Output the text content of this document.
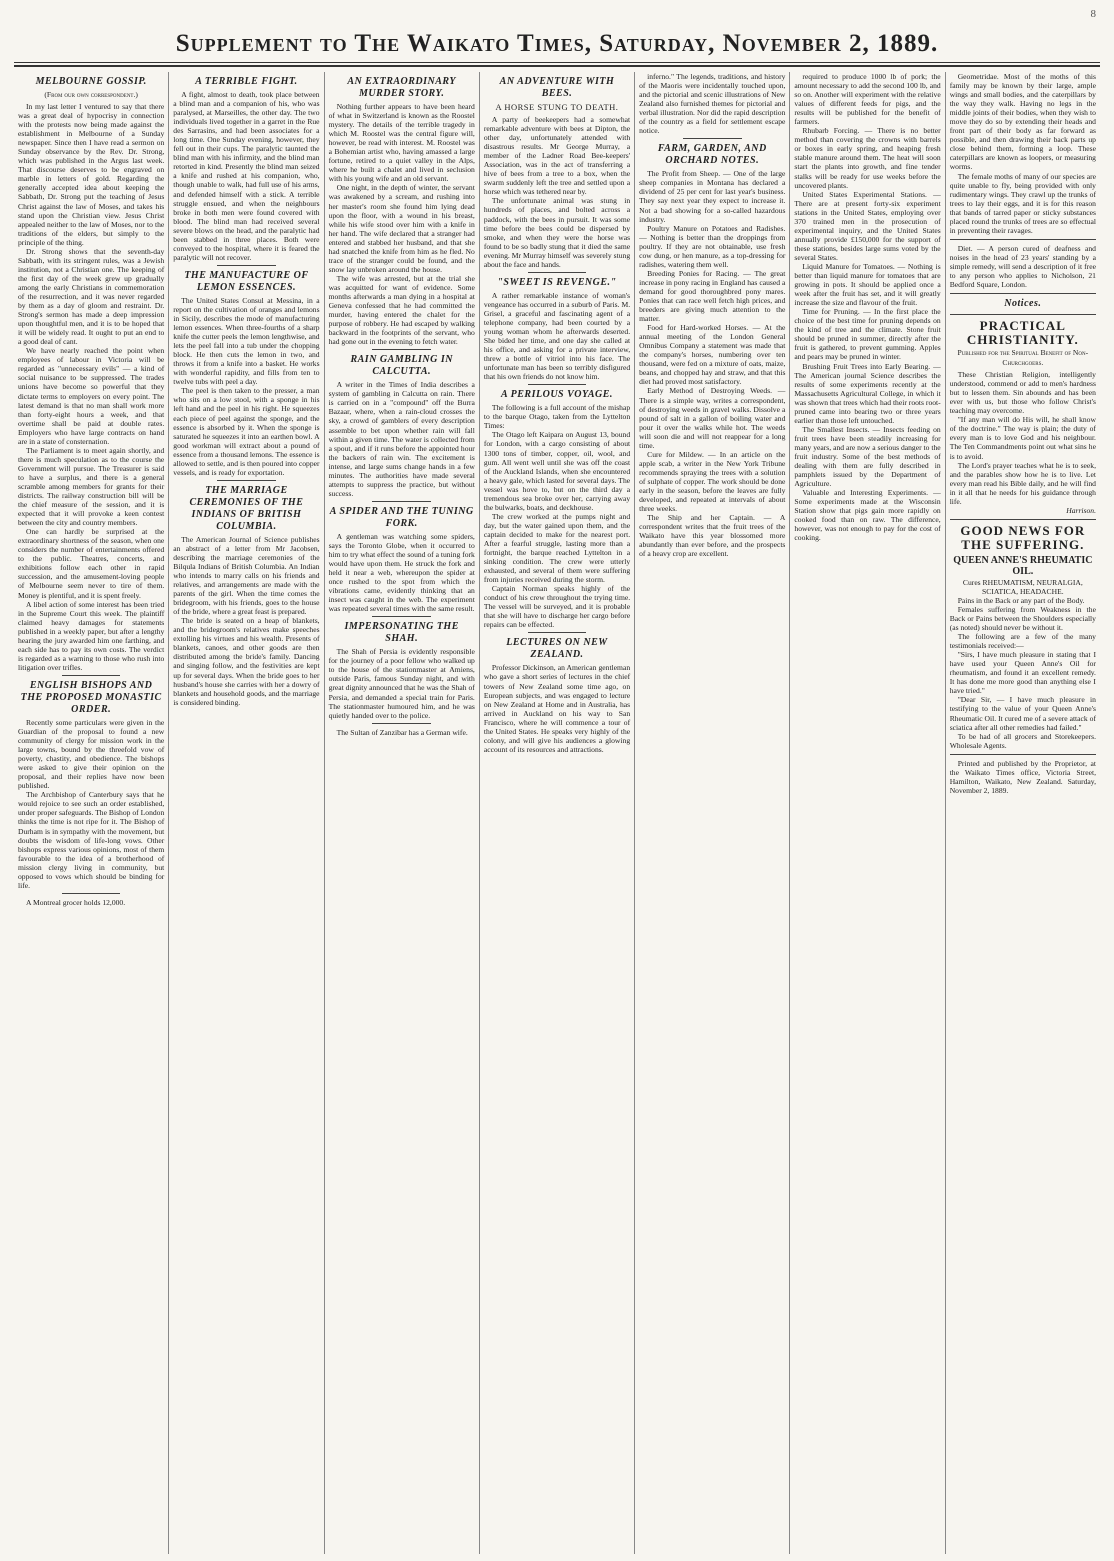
8
Supplement to The Waikato Times, Saturday, November 2, 1889.
MELBOURNE GOSSIP.
(From our own correspondent.)

In my last letter I ventured to say that there was a great deal of hypocrisy in connection with the protests now being made against the establishment in Melbourne of a Sunday newspaper. Since then I have read a sermon on Sunday observance by the Rev. Dr. Strong, which was published in the Argus last week. That discourse deserves to be engraved on marble in letters of gold. Regarding the generally accepted idea about keeping the Sabbath, Dr. Strong put the teaching of Jesus Christ against the law of Moses, and takes his stand upon the Christian view. Jesus Christ appealed neither to the law of Moses, nor to the traditions of the elders, but simply to the principle of the thing.

Dr. Strong shows that the seventh-day Sabbath, with its stringent rules, was a Jewish institution, not a Christian one. The keeping of the first day of the week grew up gradually among the early Christians in commemoration of the resurrection, and it was never regarded by them as a day of gloom and restraint. Dr. Strong's sermon has made a deep impression upon thoughtful men, and it is to be hoped that it will be widely read. It ought to put an end to a good deal of cant.

We have nearly reached the point when employees of labour in Victoria will be regarded as "unnecessary evils" — a kind of social nuisance to be suppressed. The trades unions have become so powerful that they dictate terms to employers on every point. The latest demand is that no man shall work more than forty-eight hours a week, and that overtime shall be paid at double rates. Employers who have large contracts on hand are in a state of consternation.

The Parliament is to meet again shortly, and there is much speculation as to the course the Government will pursue. The Treasurer is said to have a surplus, and there is a general scramble among members for grants for their districts. The railway construction bill will be the chief measure of the session, and it is expected that it will provoke a keen contest between the city and country members.

One can hardly be surprised at the extraordinary shortness of the season, when one considers the number of entertainments offered to the public. Theatres, concerts, and exhibitions follow each other in rapid succession, and the amusement-loving people of Melbourne seem never to tire of them. Money is plentiful, and it is spent freely.

A libel action of some interest has been tried in the Supreme Court this week. The plaintiff claimed heavy damages for statements published in a weekly paper, but after a lengthy hearing the jury awarded him one farthing, and each side has to pay its own costs. The verdict is regarded as a warning to those who rush into litigation over trifles.

ENGLISH BISHOPS AND THE PROPOSED MONASTIC ORDER.

Recently some particulars were given in the Guardian of the proposal to found a new community of clergy for mission work in the large towns, bound by the threefold vow of poverty, chastity, and obedience. The bishops were asked to give their opinion on the proposal, and their replies have now been published.

The Archbishop of Canterbury says that he would rejoice to see such an order established, under proper safeguards. The Bishop of London thinks the time is not ripe for it. The Bishop of Durham is in sympathy with the movement, but doubts the wisdom of life-long vows. Other bishops express various opinions, most of them favourable to the idea of a brotherhood of mission clergy living in community, but opposed to vows which should be binding for life.

A Montreal grocer holds 12,000.

A TERRIBLE FIGHT.

A fight, almost to death, took place between a blind man and a companion of his, who was paralysed, at Marseilles, the other day. The two individuals lived together in a garret in the Rue des Sarrasins, and had been associates for a long time. One Sunday evening, however, they fell out in their cups. The paralytic taunted the blind man with his infirmity, and the blind man retorted in kind. Presently the blind man seized a knife and rushed at his companion, who, though unable to walk, had full use of his arms, and defended himself with a stick. A terrible struggle ensued, and when the neighbours broke in both men were found covered with blood. The blind man had received several severe blows on the head, and the paralytic had been stabbed in three places. Both were conveyed to the hospital, where it is feared the paralytic will not recover.

THE MANUFACTURE OF LEMON ESSENCES.

The United States Consul at Messina, in a report on the cultivation of oranges and lemons in Sicily, describes the mode of manufacturing lemon essences. When three-fourths of a sharp knife the cutter peels the lemon lengthwise, and lets the peel fall into a tub under the chopping block. He then cuts the lemon in two, and throws it from a knife into a basket. He works with wonderful rapidity, and fills from ten to twelve tubs with peel a day.

The peel is then taken to the presser, a man who sits on a low stool, with a sponge in his left hand and the peel in his right. He squeezes each piece of peel against the sponge, and the essence is absorbed by it. When the sponge is saturated he squeezes it into an earthen bowl. A good workman will extract about a pound of essence from a thousand lemons. The essence is allowed to settle, and is then poured into copper vessels, and is ready for exportation.

THE MARRIAGE CEREMONIES OF THE INDIANS OF BRITISH COLUMBIA.

The American Journal of Science publishes an abstract of a letter from Mr Jacobsen, describing the marriage ceremonies of the Bilqula Indians of British Columbia. An Indian who intends to marry calls on his friends and relatives, and arrangements are made with the parents of the girl. When the time comes the bridegroom, with his friends, goes to the house of the bride, where a great feast is prepared.

The bride is seated on a heap of blankets, and the bridegroom's relatives make speeches extolling his virtues and his wealth. Presents of blankets, canoes, and other goods are then distributed among the bride's family. Dancing and singing follow, and the festivities are kept up for several days. When the bride goes to her husband's house she carries with her a dowry of blankets and household goods, and the marriage is considered binding.

AN EXTRAORDINARY MURDER STORY.

Nothing further appears to have been heard of what in Switzerland is known as the Roostel mystery. The details of the terrible tragedy in which M. Roostel was the central figure will, however, be read with interest. M. Roostel was a Bohemian artist who, having amassed a large fortune, retired to a quiet valley in the Alps, where he built a chalet and lived in seclusion with his young wife and an old servant.

One night, in the depth of winter, the servant was awakened by a scream, and rushing into her master's room she found him lying dead upon the floor, with a wound in his breast, while his wife stood over him with a knife in her hand. The wife declared that a stranger had entered and stabbed her husband, and that she had snatched the knife from him as he fled. No trace of the stranger could be found, and the snow lay unbroken around the house.

The wife was arrested, but at the trial she was acquitted for want of evidence. Some months afterwards a man dying in a hospital at Geneva confessed that he had committed the murder, having entered the chalet for the purpose of robbery. He had escaped by walking backward in the footprints of the servant, who had gone out in the evening to fetch water.

RAIN GAMBLING IN CALCUTTA.

A writer in the Times of India describes a system of gambling in Calcutta on rain. There is carried on in a "compound" off the Burra Bazaar, where, when a rain-cloud crosses the sky, a crowd of gamblers of every description assemble to bet upon whether rain will fall within a given time. The water is collected from a spout, and if it runs before the appointed hour the backers of rain win. The excitement is intense, and large sums change hands in a few minutes. The authorities have made several attempts to suppress the practice, but without success.

A SPIDER AND THE TUNING FORK.

A gentleman was watching some spiders, says the Toronto Globe, when it occurred to him to try what effect the sound of a tuning fork would have upon them. He struck the fork and held it near a web, whereupon the spider at once rushed to the spot from which the vibrations came, evidently thinking that an insect was caught in the web. The experiment was repeated several times with the same result.

IMPERSONATING THE SHAH.

The Shah of Persia is evidently responsible for the journey of a poor fellow who walked up to the house of the stationmaster at Amiens, outside Paris, famous Sunday night, and with great dignity announced that he was the Shah of Persia, and demanded a special train for Paris. The stationmaster humoured him, and he was quietly handed over to the police.

The Sultan of Zanzibar has a German wife.

AN ADVENTURE WITH BEES.
A HORSE STUNG TO DEATH.

A party of beekeepers had a somewhat remarkable adventure with bees at Dipton, the other day, unfortunately attended with disastrous results. Mr George Murray, a member of the Ladner Road Bee-keepers' Association, was in the act of transferring a hive of bees from a tree to a box, when the swarm suddenly left the tree and settled upon a horse which was tethered near by.

The unfortunate animal was stung in hundreds of places, and bolted across a paddock, with the bees in pursuit. It was some time before the bees could be dispersed by smoke, and when they were the horse was found to be so badly stung that it died the same evening. Mr Murray himself was severely stung about the face and hands.

"SWEET IS REVENGE."

A rather remarkable instance of woman's vengeance has occurred in a suburb of Paris. M. Grisel, a graceful and fascinating agent of a telephone company, had been courted by a young woman whom he afterwards deserted. She bided her time, and one day she called at his office, and asking for a private interview, threw a bottle of vitriol into his face. The unfortunate man has been so terribly disfigured that his own friends do not know him.

A PERILOUS VOYAGE.

The following is a full account of the mishap to the barque Otago, taken from the Lyttelton Times:

The Otago left Kaipara on August 13, bound for London, with a cargo consisting of about 1300 tons of timber, copper, oil, wool, and gum. All went well until she was off the coast of the Auckland Islands, when she encountered a heavy gale, which lasted for several days. The vessel was hove to, but on the third day a tremendous sea broke over her, carrying away the bulwarks, boats, and deckhouse.

The crew worked at the pumps night and day, but the water gained upon them, and the captain decided to make for the nearest port. After a fearful struggle, lasting more than a fortnight, the barque reached Lyttelton in a sinking condition. The crew were utterly exhausted, and several of them were suffering from injuries received during the storm.

Captain Norman speaks highly of the conduct of his crew throughout the trying time. The vessel will be surveyed, and it is probable that she will have to discharge her cargo before repairs can be effected.

LECTURES ON NEW ZEALAND.

Professor Dickinson, an American gentleman who gave a short series of lectures in the chief towers of New Zealand some time ago, on European subjects, and was engaged to lecture on New Zealand at Home and in Australia, has arrived in Auckland on his way to San Francisco, where he will commence a tour of the United States. He speaks very highly of the colony, and will give his audiences a glowing account of its resources and attractions.

inferno." The legends, traditions, and history of the Maoris were incidentally touched upon, and the pictorial and scenic illustrations of New Zealand also furnished themes for pictorial and verbal illustration. Nor did the rapid description of the country as a field for settlement escape notice.

FARM, GARDEN, AND ORCHARD NOTES.

The Profit from Sheep. — One of the large sheep companies in Montana has declared a dividend of 25 per cent for last year's business. They say next year they expect to increase it. Not a bad showing for a so-called hazardous industry.

Poultry Manure on Potatoes and Radishes. — Nothing is better than the droppings from poultry. If they are not obtainable, use fresh cow dung, or hen manure, as a top-dressing for radishes, watering them well.

Breeding Ponies for Racing. — The great increase in pony racing in England has caused a demand for good thoroughbred pony mares. Ponies that can race well fetch high prices, and breeders are giving much attention to the matter.

Food for Hard-worked Horses. — At the annual meeting of the London General Omnibus Company a statement was made that the company's horses, numbering over ten thousand, were fed on a mixture of oats, maize, beans, and chopped hay and straw, and that this diet had proved most satisfactory.

Early Method of Destroying Weeds. — There is a simple way, writes a correspondent, of destroying weeds in gravel walks. Dissolve a pound of salt in a gallon of boiling water and pour it over the walks while hot. The weeds will soon die and will not reappear for a long time.

Cure for Mildew. — In an article on the apple scab, a writer in the New York Tribune recommends spraying the trees with a solution of sulphate of copper. The work should be done early in the season, before the leaves are fully developed, and repeated at intervals of about three weeks.

The Ship and her Captain. — A correspondent writes that the fruit trees of the Waikato have this year blossomed more abundantly than ever before, and the prospects of a heavy crop are excellent.

required to produce 1000 lb of pork; the amount necessary to add the second 100 lb, and so on. Another will experiment with the relative values of different feeds for pigs, and the results will be published for the benefit of farmers.

Rhubarb Forcing. — There is no better method than covering the crowns with barrels or boxes in early spring, and heaping fresh stable manure around them. The heat will soon start the plants into growth, and fine tender stalks will be ready for use weeks before the uncovered plants.

United States Experimental Stations. — There are at present forty-six experiment stations in the United States, employing over 370 trained men in the prosecution of experimental inquiry, and the United States annually provide £150,000 for the support of these stations, besides large sums voted by the several States.

Liquid Manure for Tomatoes. — Nothing is better than liquid manure for tomatoes that are growing in pots. It should be applied once a week after the fruit has set, and it will greatly increase the size and flavour of the fruit.

Time for Pruning. — In the first place the choice of the best time for pruning depends on the kind of tree and the climate. Stone fruit should be pruned in summer, directly after the fruit is gathered, to prevent gumming. Apples and pears may be pruned in winter.

Brushing Fruit Trees into Early Bearing. — The American journal Science describes the results of some experiments recently at the Massachusetts Agricultural College, in which it was shown that trees which had their roots root-pruned came into bearing two or three years earlier than those left untouched.

The Smallest Insects. — Insects feeding on fruit trees have been steadily increasing for many years, and are now a serious danger to the fruit industry. Some of the best methods of dealing with them are fully described in pamphlets issued by the Department of Agriculture.

Valuable and Interesting Experiments. — Some experiments made at the Wisconsin Station show that pigs gain more rapidly on cooked food than on raw. The difference, however, was not enough to pay for the cost of cooking.

Geometridae. Most of the moths of this family may be known by their large, ample wings and small bodies, and the caterpillars by the way they walk. Having no legs in the middle joints of their bodies, when they wish to move they do so by extending their heads and front part of their body as far forward as possible, and then drawing their back parts up close behind them, forming a loop. These caterpillars are known as loopers, or measuring worms.

The female moths of many of our species are quite unable to fly, being provided with only rudimentary wings. They crawl up the trunks of trees to lay their eggs, and it is for this reason that bands of tarred paper or sticky substances placed round the trunks of trees are so effectual in preventing their ravages.

Diet. — A person cured of deafness and noises in the head of 23 years' standing by a simple remedy, will send a description of it free to any person who applies to Nicholson, 21 Bedford Square, London.

Notices.
PRACTICAL CHRISTIANITY.
Published for the Spiritual Benefit of Non-Churchgoers.

These Christian Religion, intelligently understood, commend or add to men's hardness but to lessen them. Sin abounds and has been ever with us, but those who follow Christ's teaching may overcome.

"If any man will do His will, he shall know of the doctrine." The way is plain; the duty of every man is to love God and his neighbour. The Ten Commandments point out what sins he is to avoid.

The Lord's prayer teaches what he is to seek, and the parables show how he is to live. Let every man read his Bible daily, and he will find in it all that he needs for his guidance through life.

Harrison.
GOOD NEWS FOR THE SUFFERING.
QUEEN ANNE'S RHEUMATIC OIL.
Cures RHEUMATISM, NEURALGIA, SCIATICA, HEADACHE.

Pains in the Back or any part of the Body.

Females suffering from Weakness in the Back or Pains between the Shoulders especially (as noted) should never be without it.

The following are a few of the many testimonials received:—

"Sirs, I have much pleasure in stating that I have used your Queen Anne's Oil for rheumatism, and found it an excellent remedy. It has done me more good than anything else I have tried."

"Dear Sir, — I have much pleasure in testifying to the value of your Queen Anne's Rheumatic Oil. It cured me of a severe attack of sciatica after all other remedies had failed."

To be had of all grocers and Storekeepers. Wholesale Agents.

Printed and published by the Proprietor, at the Waikato Times office, Victoria Street, Hamilton, Waikato, New Zealand. Saturday, November 2, 1889.
